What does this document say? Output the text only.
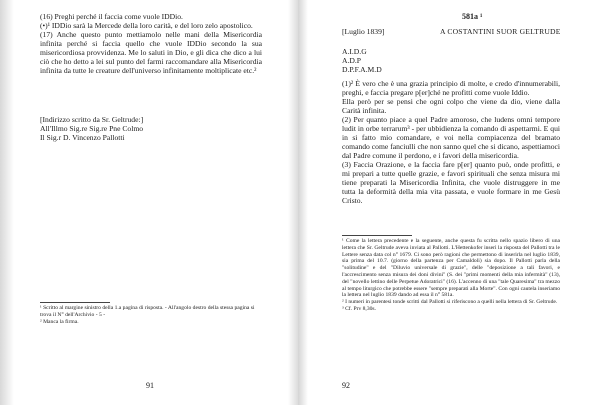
(16) Preghi perché il faccia come vuole IDDio.

(•)¹ IDDio sarà la Mercede della loro carità, e del loro zelo apostolico.

(17) Anche questo punto mettiamolo nelle mani della Misericordia infinita perché si faccia quello che vuole IDDio secondo la sua misericordiosa provvidenza. Me lo saluti in Dio, e gli dica che dico a lui ciò che ho detto a lei sul punto del farmi raccomandare alla Misericordia infinita da tutte le creature dell'universo infinitamente moltiplicate etc.²

[Indirizzo scritto da Sr. Geltrude:]

All'Illmo Sig.re Sig.re Pne Colmo

Il Sig.r D. Vincenzo Pallotti

¹ Scritto al margine sinistro della 1.a pagina di risposta. - All'angolo destro della stessa pagina si trova il N° dell'Archivio - 5 -

² Manca la firma.

91
581a ¹
[Luglio 1839]	A COSTANTINI SUOR GELTRUDE

A.I.D.G

A.D.P

D.P.F.A.M.D

(1)² È vero che è una grazia principio di molte, e credo d'innumerabili, preghi, e faccia pregare p[er]ché ne profitti come vuole Iddio.

Ella però per se pensi che ogni colpo che viene da dio, viene dalla Carità infinita.

(2) Per quanto piace a quel Padre amoroso, che ludens omni tempore ludit in orbe terrarum³ - per ubbidienza la comando di aspettarmi. E qui in si fatto mio comandare, e voi nella compiacenza del bramato comando come fanciulli che non sanno quel che si dicano, aspettiamoci dal Padre comune il perdono, e i favori della misericordia.

(3) Faccia Orazione, e la faccia fare p[er] quanto può, onde profitti, e mi prepari a tutte quelle grazie, e favori spirituali che senza misura mi tiene preparati la Misericordia Infinita, che vuole distruggere in me tutta la deformità della mia vita passata, e vuole formare in me Gesù Cristo.

¹ Come la lettera precedente e la seguente, anche questa fu scritta nello spazio libero di una lettera che Sr. Geltrude aveva inviata al Pallotti. L'Hettenkofer inserì la risposta del Pallotti tra le Lettere senza data col n° 1679. Ci sono però ragioni che permettono di inserirla nel luglio 1839, sia prima del 10.7. (giorno della partenza per Camaldoli) sia dopo. Il Pallotti parla della "solitudine" e del "Diluvio universale di grazie", delle "deposizione a tali favori, e l'accrescimento senza misura dei doni divini" (S. dei "primi momenti della mia infermità" (13), del "novello lettino delle Perpetue Adoratrici" (16). L'accenno di una "tale Quaresima" tra mezzo al tempo liturgico che potrebbe essere "sempre preparati alla Morte". Con ogni cautela inseriamo la lettera nel luglio 1839 dando ad essa il n° 581a.

² I numeri in parentesi tonde scritti dal Pallotti si riferiscono a quelli nella lettera di Sr. Geltrude.

³ Cf. Prv 8,30s.

92
